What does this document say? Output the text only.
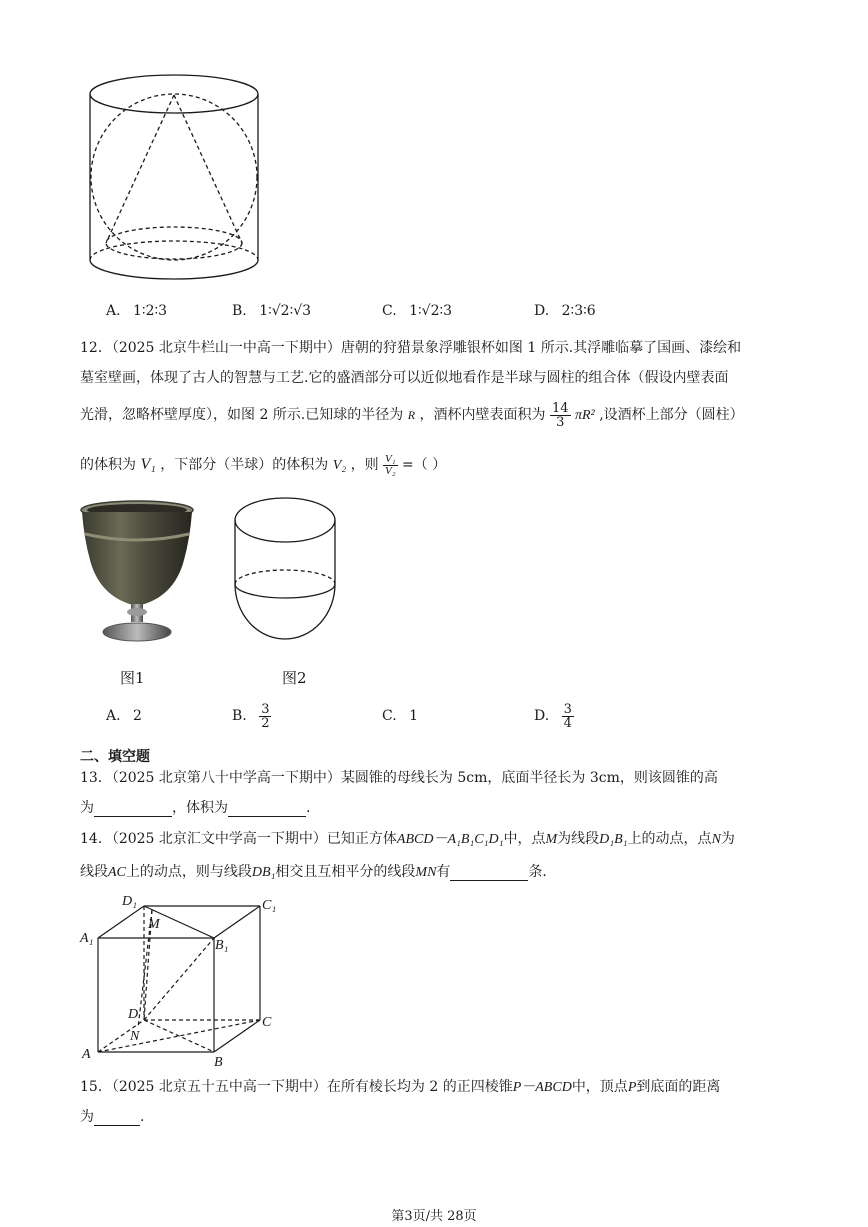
A. 1∶2∶3	B. 1∶√2∶√3	C. 1∶√2∶3	D. 2∶3∶6
12．（2025 北京牛栏山一中高一下期中）唐朝的狩猎景象浮雕银杯如图 1 所示.其浮雕临摹了国画、漆绘和
墓室壁画，体现了古人的智慧与工艺.它的盛酒部分可以近似地看作是半球与圆柱的组合体（假设内壁表面
光滑，忽略杯壁厚度），如图 2 所示.已知球的半径为 R ，酒杯内壁表面积为 $\frac{14}{3} \pi R^2$ ,设酒杯上部分（圆柱）
的体积为 V₁ ，下部分（半球）的体积为 V₂ ，则 $\frac{\text{V₁}}{\text{V₂}}$ =（ ）
图1	图2
A. 2	B. $\frac{3}{2}$	C. 1	D. $\frac{3}{4}$
二、填空题
13．（2025 北京第八十中学高一下期中）某圆锥的母线长为 5cm，底面半径长为 3cm，则该圆锥的高
为	，体积为	.
14．（2025 北京汇文中学高一下期中）已知正方体ABCD－A₁B₁C₁D₁中，点M为线段D₁B₁上的动点，点N为
线段AC上的动点，则与线段DB₁相交且互相平分的线段MN有	条.
D₁	C₁
A₁	B₁
M
D
C
N
A
B
15．（2025 北京五十五中高一下期中）在所有棱长均为 2 的正四棱锥P－ABCD中，顶点P到底面的距离
为	.
第3页/共 28页
